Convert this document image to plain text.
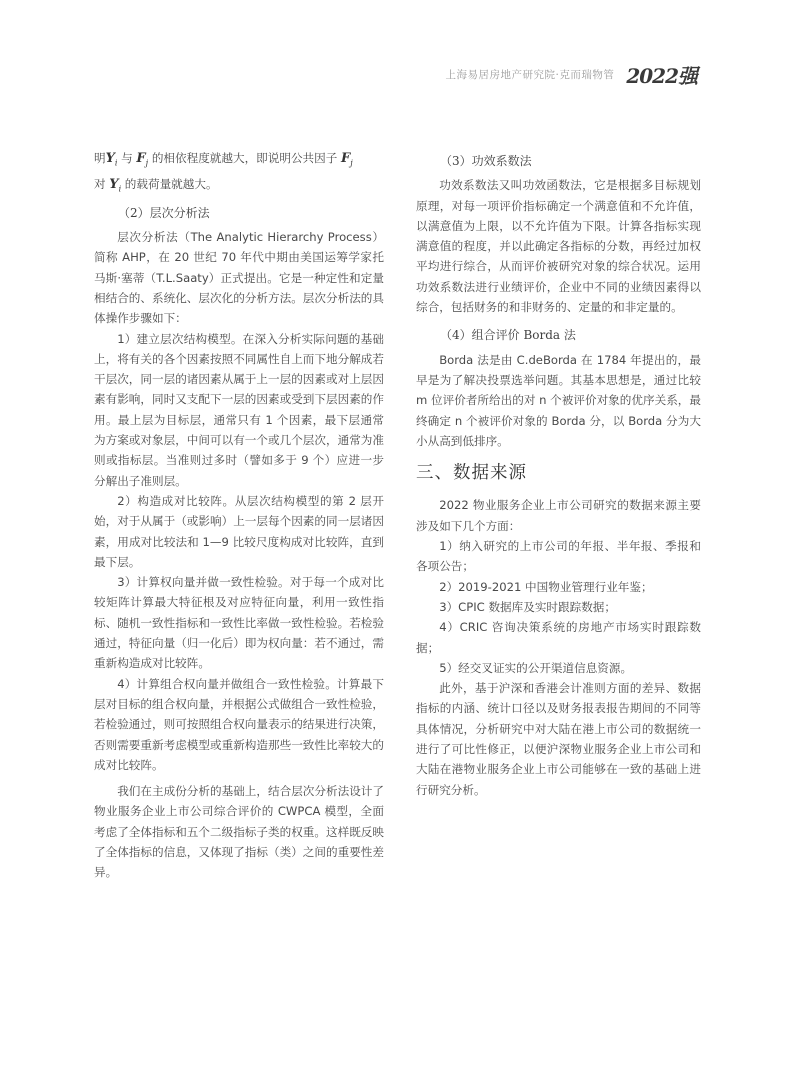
上海易居房地产研究院·克而瑞物管 2022强

明$Y_i$ 与 $F_j$ 的相依程度就越大，即说明公共因子 $F_j$

对 $Y_i$ 的载荷量就越大。

（2）层次分析法

层次分析法（The Analytic Hierarchy Process）简称 AHP，在 20 世纪 70 年代中期由美国运筹学家托马斯·塞蒂（T.L.Saaty）正式提出。它是一种定性和定量相结合的、系统化、层次化的分析方法。层次分析法的具体操作步骤如下：

1）建立层次结构模型。在深入分析实际问题的基础上，将有关的各个因素按照不同属性自上而下地分解成若干层次，同一层的诸因素从属于上一层的因素或对上层因素有影响，同时又支配下一层的因素或受到下层因素的作用。最上层为目标层，通常只有 1 个因素，最下层通常为方案或对象层，中间可以有一个或几个层次，通常为准则或指标层。当准则过多时（譬如多于 9 个）应进一步分解出子准则层。

2）构造成对比较阵。从层次结构模型的第 2 层开始，对于从属于（或影响）上一层每个因素的同一层诸因素，用成对比较法和 1—9 比较尺度构成对比较阵，直到最下层。

3）计算权向量并做一致性检验。对于每一个成对比较矩阵计算最大特征根及对应特征向量，利用一致性指标、随机一致性指标和一致性比率做一致性检验。若检验通过，特征向量（归一化后）即为权向量：若不通过，需重新构造成对比较阵。

4）计算组合权向量并做组合一致性检验。计算最下层对目标的组合权向量，并根据公式做组合一致性检验，若检验通过，则可按照组合权向量表示的结果进行决策，否则需要重新考虑模型或重新构造那些一致性比率较大的成对比较阵。

我们在主成份分析的基础上，结合层次分析法设计了物业服务企业上市公司综合评价的 CWPCA 模型，全面考虑了全体指标和五个二级指标子类的权重。这样既反映了全体指标的信息，又体现了指标（类）之间的重要性差异。

（3）功效系数法

功效系数法又叫功效函数法，它是根据多目标规划原理，对每一项评价指标确定一个满意值和不允许值，以满意值为上限，以不允许值为下限。计算各指标实现满意值的程度，并以此确定各指标的分数，再经过加权平均进行综合，从而评价被研究对象的综合状况。运用功效系数法进行业绩评价，企业中不同的业绩因素得以综合，包括财务的和非财务的、定量的和非定量的。

（4）组合评价 Borda 法

Borda 法是由 C.deBorda 在 1784 年提出的，最早是为了解决投票选举问题。其基本思想是，通过比较 m 位评价者所给出的对 n 个被评价对象的优序关系，最终确定 n 个被评价对象的 Borda 分，以 Borda 分为大小从高到低排序。

三、数据来源

2022 物业服务企业上市公司研究的数据来源主要涉及如下几个方面：

1）纳入研究的上市公司的年报、半年报、季报和各项公告；

2）2019-2021 中国物业管理行业年鉴；

3）CPIC 数据库及实时跟踪数据；

4）CRIC 咨询决策系统的房地产市场实时跟踪数据；

5）经交叉证实的公开渠道信息资源。

此外，基于沪深和香港会计准则方面的差异、数据指标的内涵、统计口径以及财务报表报告期间的不同等具体情况，分析研究中对大陆在港上市公司的数据统一进行了可比性修正，以便沪深物业服务企业上市公司和大陆在港物业服务企业上市公司能够在一致的基础上进行研究分析。
